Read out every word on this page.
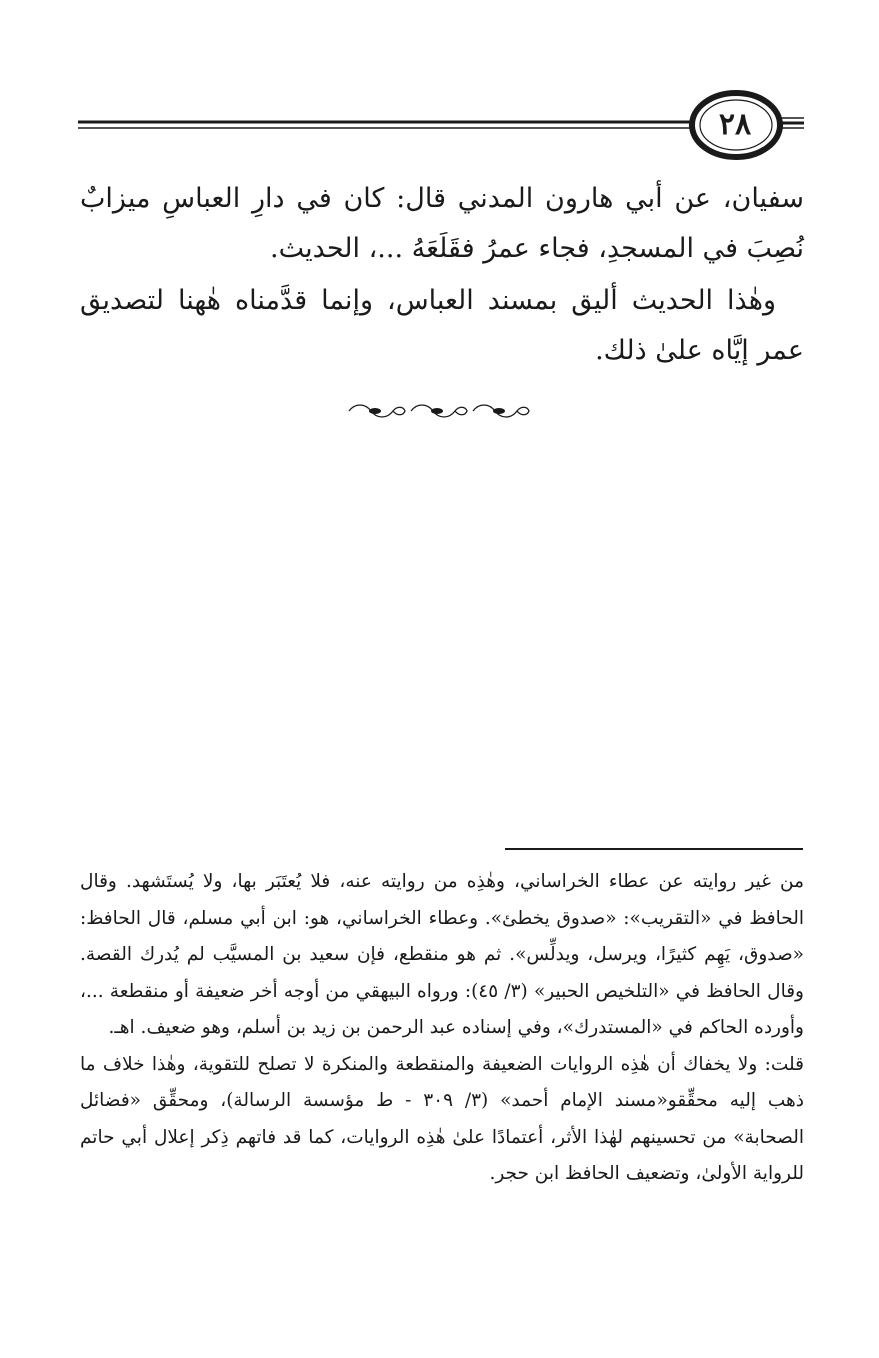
٢٨

سفيان، عن أبي هارون المدني قال: كان في دارِ العباسِ ميزابٌ نُصِبَ في المسجدِ، فجاء عمرُ فقَلَعَهُ ...، الحديث.

وهٰذا الحديث أليق بمسند العباس، وإنما قدَّمناه هٰهنا لتصديق عمر إيَّاه علىٰ ذلك.

من غير روايته عن عطاء الخراساني، وهٰذِه من روايته عنه، فلا يُعتَبَر بها، ولا يُستَشهد. وقال الحافظ في «التقريب»: «صدوق يخطئ». وعطاء الخراساني، هو: ابن أبي مسلم، قال الحافظ: «صدوق، يَهِم كثيرًا، ويرسل، ويدلِّس». ثم هو منقطع، فإن سعيد بن المسيَّب لم يُدرك القصة. وقال الحافظ في «التلخيص الحبير» (٣/ ٤٥): ورواه البيهقي من أوجه أخر ضعيفة أو منقطعة ...، وأورده الحاكم في «المستدرك»، وفي إسناده عبد الرحمن بن زيد بن أسلم، وهو ضعيف. اهـ.

قلت: ولا يخفاك أن هٰذِه الروايات الضعيفة والمنقطعة والمنكرة لا تصلح للتقوية، وهٰذا خلاف ما ذهب إليه محقِّقو«مسند الإمام أحمد» (٣/ ٣٠٩ - ط مؤسسة الرسالة)، ومحقِّق «فضائل الصحابة» من تحسينهم لهٰذا الأثر، أعتمادًا علىٰ هٰذِه الروايات، كما قد فاتهم ذِكر إعلال أبي حاتم للرواية الأولىٰ، وتضعيف الحافظ ابن حجر.
